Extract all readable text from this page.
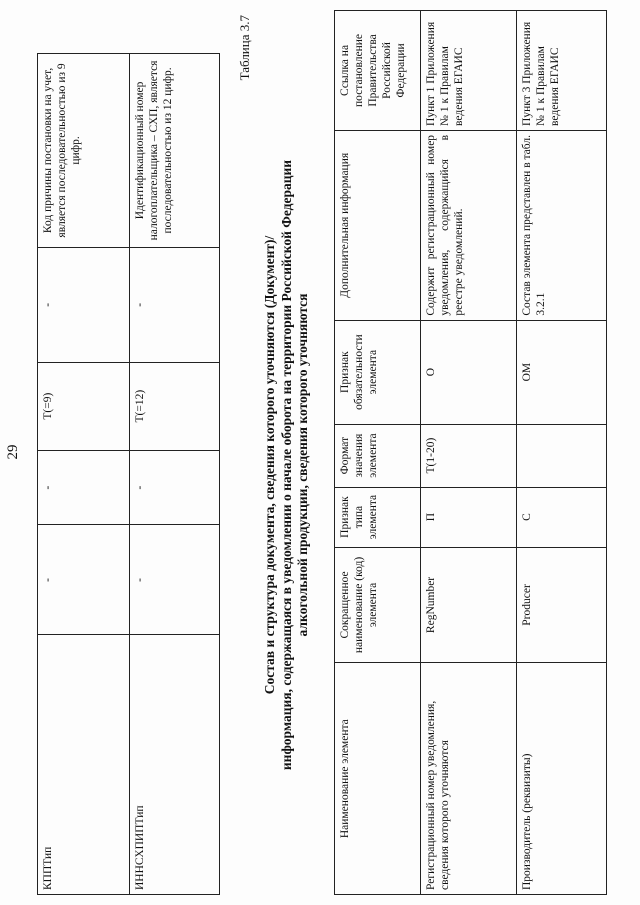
29
КППТип	-	-	T(=9)	-	Код причины постановки на учет, является последовательностью из 9 цифр.
ИННСХПИПТип	-	-	T(=12)	-	Идентификационный номер налогоплательщика – СХП, является последовательностью из 12 цифр.
Таблица 3.7
Состав и структура документа, сведения которого уточняются (Документ)/ информация, содержащаяся в уведомлении о начале оборота на территории Российской Федерации алкогольной продукции, сведения которого уточняются
Наименование элемента	Сокращенное наименование (код) элемента	Признак типа элемента	Формат значения элемента	Признак обязательности элемента	Дополнительная информация	Ссылка на постановление Правительства Российской Федерации
Регистрационный номер уведомления, сведения которого уточняются	RegNumber	П	T(1-20)	О	Содержит регистрационный номер уведомления, содержащийся в реестре уведомлений.	Пункт 1 Приложения № 1 к Правилам ведения ЕГАИС
Производитель (реквизиты)	Producer	С		ОМ	Состав элемента представлен в табл. 3.2.1	Пункт 3 Приложения № 1 к Правилам ведения ЕГАИС
